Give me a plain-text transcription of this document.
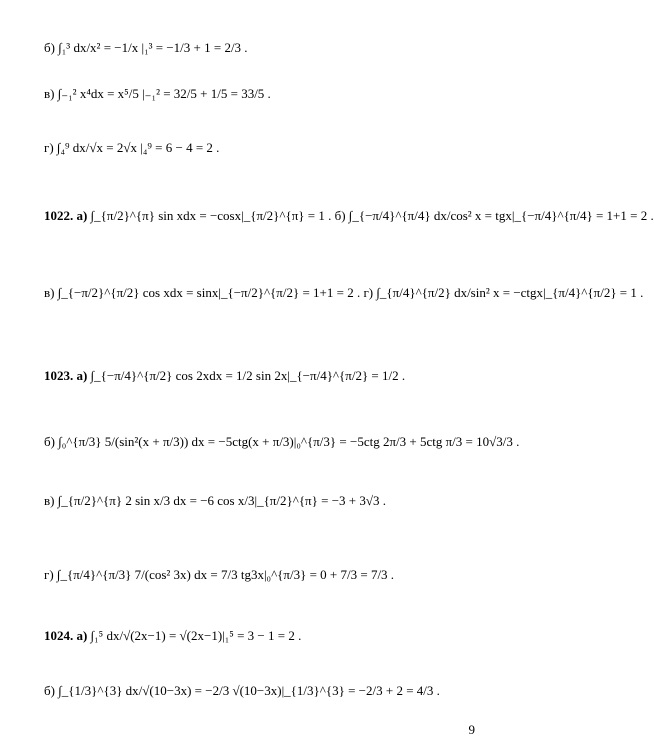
б) ∫₁³ dx/x² = −1/x |₁³ = −1/3 + 1 = 2/3 .
в) ∫₋₁² x⁴dx = x⁵/5 |₋₁² = 32/5 + 1/5 = 33/5 .
г) ∫₄⁹ dx/√x = 2√x |₄⁹ = 6 − 4 = 2 .
1022. а) ∫_{π/2}^{π} sin xdx = −cosx|_{π/2}^{π} = 1 . б) ∫_{−π/4}^{π/4} dx/cos² x = tgx|_{−π/4}^{π/4} = 1+1 = 2 .
в) ∫_{−π/2}^{π/2} cos xdx = sinx|_{−π/2}^{π/2} = 1+1 = 2 . г) ∫_{π/4}^{π/2} dx/sin² x = −ctgx|_{π/4}^{π/2} = 1 .
1023. а) ∫_{−π/4}^{π/2} cos 2xdx = 1/2 sin 2x|_{−π/4}^{π/2} = 1/2 .
б) ∫₀^{π/3} 5/(sin²(x + π/3)) dx = −5ctg(x + π/3)|₀^{π/3} = −5ctg 2π/3 + 5ctg π/3 = 10√3/3 .
в) ∫_{π/2}^{π} 2 sin x/3 dx = −6 cos x/3|_{π/2}^{π} = −3 + 3√3 .
г) ∫_{π/4}^{π/3} 7/(cos² 3x) dx = 7/3 tg3x|₀^{π/3} = 0 + 7/3 = 7/3 .
1024. а) ∫₁⁵ dx/√(2x−1) = √(2x−1)|₁⁵ = 3 − 1 = 2 .
б) ∫_{1/3}^{3} dx/√(10−3x) = −2/3 √(10−3x)|_{1/3}^{3} = −2/3 + 2 = 4/3 .
9
